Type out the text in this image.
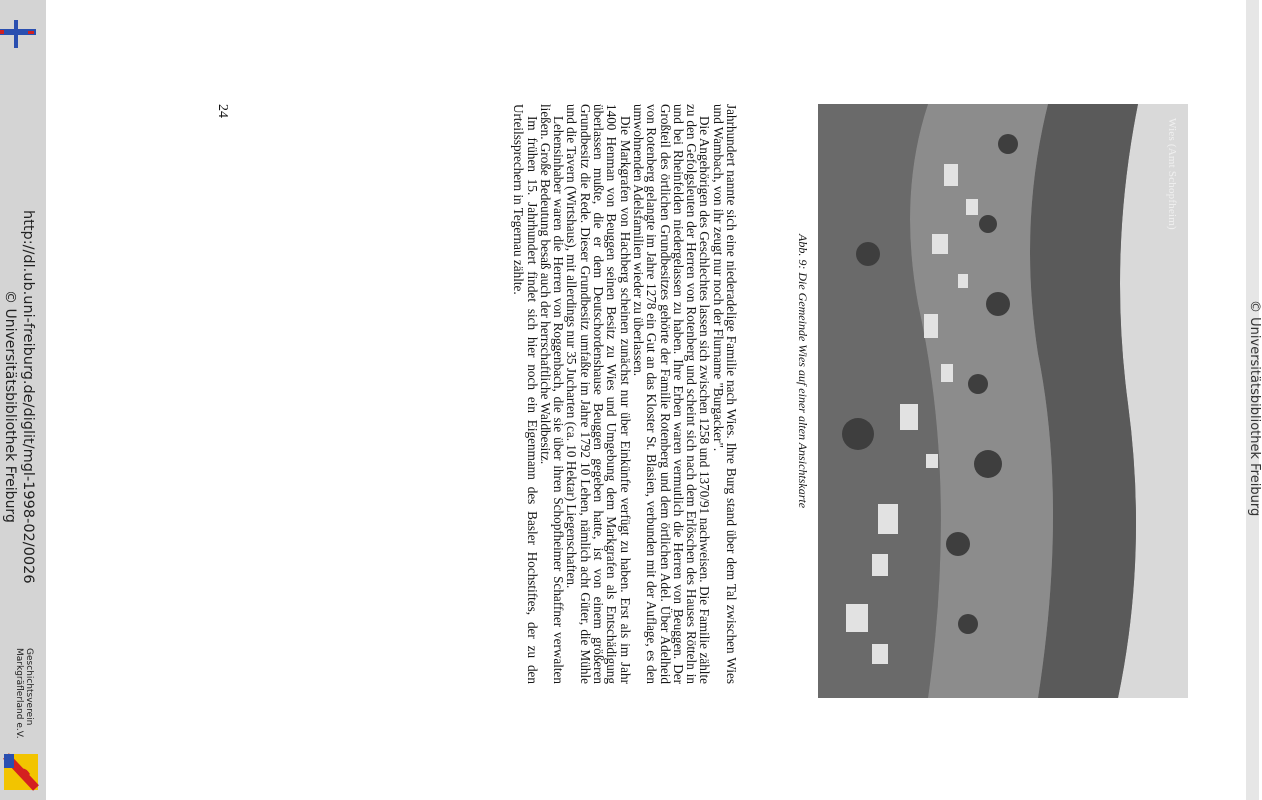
http://dl.ub.uni-freiburg.de/diglit/mgl-1998-02/0026
© Universitätsbibliothek Freiburg
Geschichtsverein
Markgräflerland e.V.
Wies (Amt Schopfheim)
Abb. 9: Die Gemeinde Wies auf einer alten Ansichtskarte

Jahrhundert nannte sich eine niederadelige Familie nach Wies. Ihre Burg stand über dem Tal zwischen Wies und Wambach, von ihr zeugt nur noch der Flurname "Burgacker".

Die Angehörigen des Geschlechtes lassen sich zwischen 1258 und 1370/91 nachweisen. Die Familie zählte zu den Gefolgsleuten der Herren von Rotenberg und scheint sich nach dem Erlöschen des Hauses Rötteln in und bei Rheinfelden niedergelassen zu haben. Ihre Erben waren vermutlich die Herren von Beuggen. Der Großteil des örtlichen Grundbesitzes gehörte der Familie Rotenberg und dem örtlichen Adel. Über Adelheid von Rotenberg gelangte im Jahre 1278 ein Gut an das Kloster St. Blasien, verbunden mit der Auflage, es den umwohnenden Adelsfamilien wieder zu überlassen.

Die Markgrafen von Hachberg scheinen zunächst nur über Einkünfte verfügt zu haben. Erst als im Jahr 1400 Henman von Beuggen seinen Besitz zu Wies und Umgebung dem Markgrafen als Entschädigung überlassen mußte, die er dem Deutschordenshause Beuggen gegeben hatte, ist von einem größeren Grundbesitz die Rede. Dieser Grundbesitz umfaßte im Jahre 1792 10 Lehen, nämlich acht Güter, die Mühle und die Tavern (Wirtshaus), mit allerdings nur 35 Jucharten (ca. 10 Hektar) Liegenschaften.

Lehensinhaber waren die Herren von Roggenbach, die sie über ihren Schopfheimer Schaffner verwalten ließen. Große Bedeutung besaß auch der herrschaftliche Waldbesitz.

Im frühen 15. Jahrhundert findet sich hier noch ein Eigenmann des Basler Hochstiftes, der zu den Urteilssprechern in Tegernau zählte.

24
© Universitätsbibliothek Freiburg
